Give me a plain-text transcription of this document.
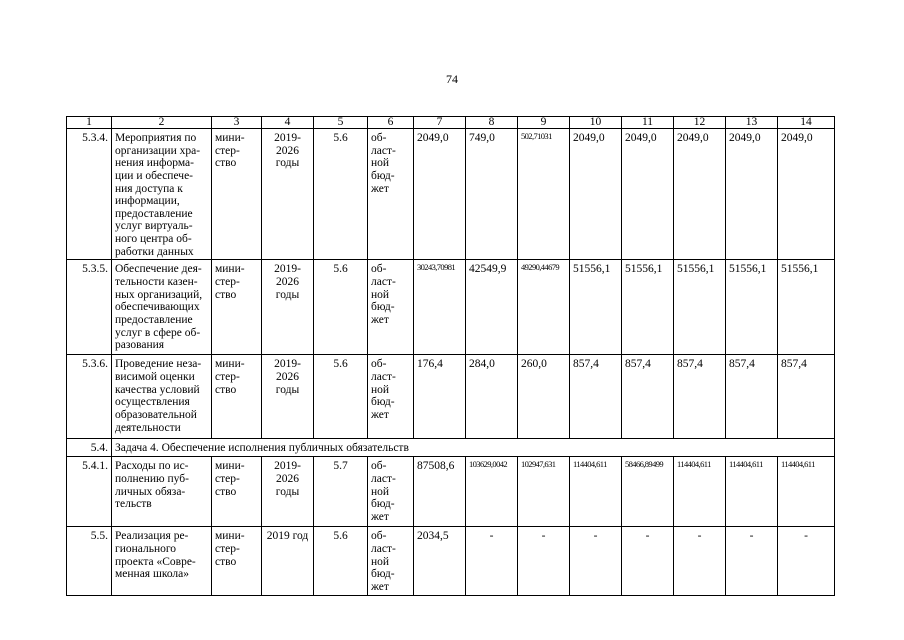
74
1	2	3	4	5	6	7	8	9	10	11	12	13	14
5.3.4.	Мероприятия по организации хра-нения информа-ции и обеспече-ния доступа к информации, предоставление услуг виртуаль-ного центра об-работки данных	мини-стер-ство	2019-2026 годы	5.6	об-ласт-ной бюд-жет	2049,0	749,0	502,71031	2049,0	2049,0	2049,0	2049,0	2049,0
5.3.5.	Обеспечение дея-тельности казен-ных организаций, обеспечивающих предоставление услуг в сфере об-разования	мини-стер-ство	2019-2026 годы	5.6	об-ласт-ной бюд-жет	30243,70981	42549,9	49290,44679	51556,1	51556,1	51556,1	51556,1	51556,1
5.3.6.	Проведение неза-висимой оценки качества условий осуществления образовательной деятельности	мини-стер-ство	2019-2026 годы	5.6	об-ласт-ной бюд-жет	176,4	284,0	260,0	857,4	857,4	857,4	857,4	857,4
5.4.	Задача 4. Обеспечение исполнения публичных обязательств												
5.4.1.	Расходы по ис-полнению пуб-личных обяза-тельств	мини-стер-ство	2019-2026 годы	5.7	об-ласт-ной бюд-жет	87508,6	103629,0042	102947,631	114404,611	58466,89499	114404,611	114404,611	114404,611
5.5.	Реализация ре-гионального проекта «Совре-менная школа»	мини-стер-ство	2019 год	5.6	об-ласт-ной бюд-жет	2034,5	-	-	-	-	-	-	-
